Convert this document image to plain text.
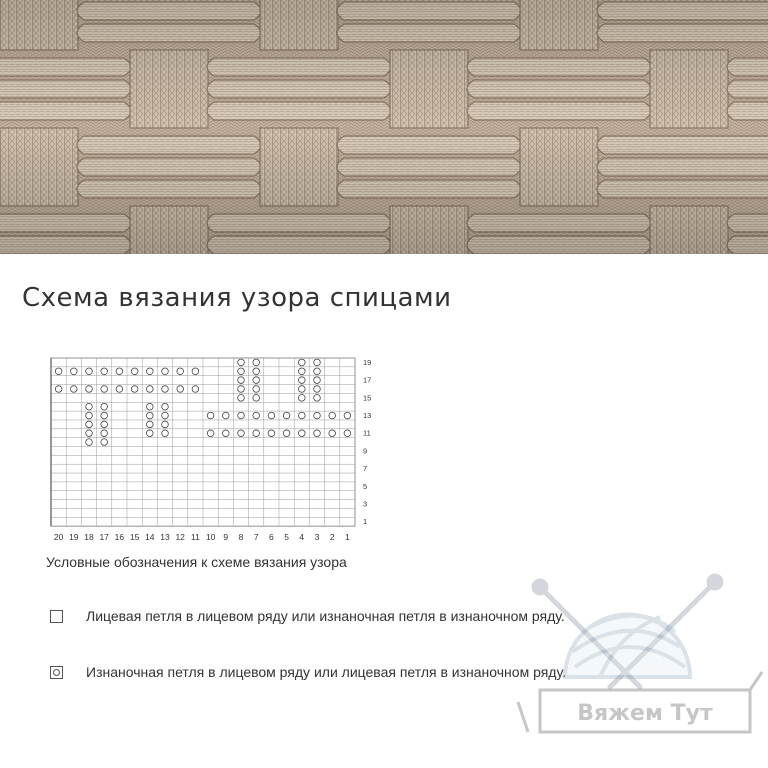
Схема вязания узора спицами
19
17
15
13
11
9
7
5
3
1
20 19 18 17 16 15 14 13 12 11 10 9 8 7 6 5 4 3 2 1
Условные обозначения к схеме вязания узора
Лицевая петля в лицевом ряду или изнаночная петля в изнаночном ряду.
Изнаночная петля в лицевом ряду или лицевая петля в изнаночном ряду.
Вяжем Тут
